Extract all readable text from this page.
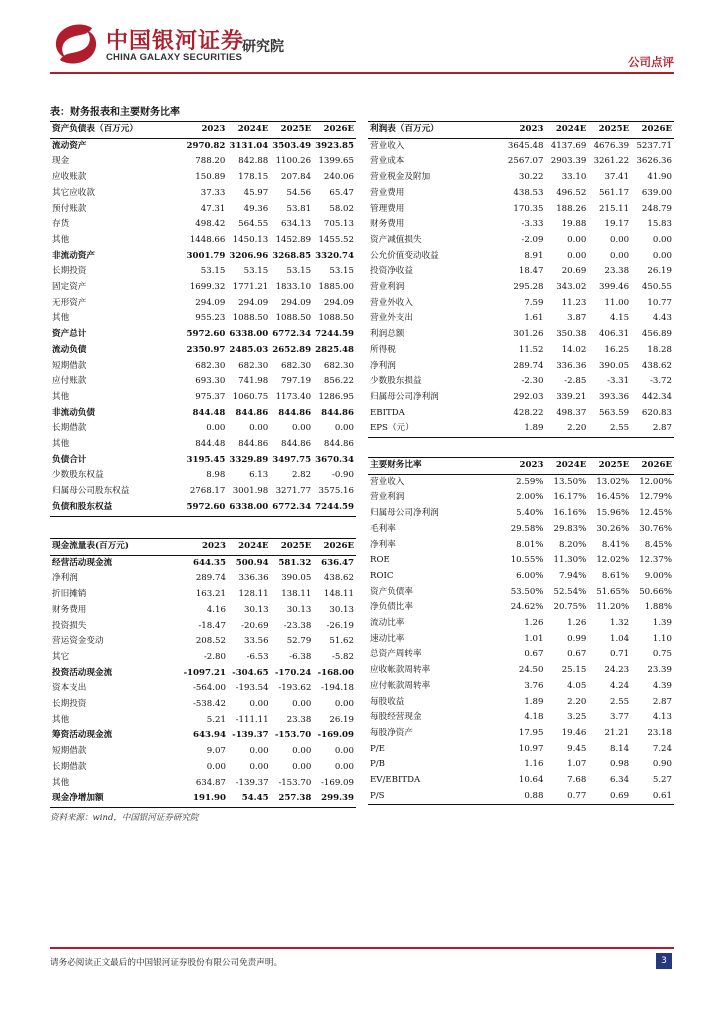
中国银河证券
CHINA GALAXY SECURITIES
研究院
公司点评
表：财务报表和主要财务比率
资产负债表（百万元）	2023	2024E	2025E	2026E
流动资产	2970.82	3131.04	3503.49	3923.85
现金	788.20	842.88	1100.26	1399.65
应收账款	150.89	178.15	207.84	240.06
其它应收款	37.33	45.97	54.56	65.47
预付账款	47.31	49.36	53.81	58.02
存货	498.42	564.55	634.13	705.13
其他	1448.66	1450.13	1452.89	1455.52
非流动资产	3001.79	3206.96	3268.85	3320.74
长期投资	53.15	53.15	53.15	53.15
固定资产	1699.32	1771.21	1833.10	1885.00
无形资产	294.09	294.09	294.09	294.09
其他	955.23	1088.50	1088.50	1088.50
资产总计	5972.60	6338.00	6772.34	7244.59
流动负债	2350.97	2485.03	2652.89	2825.48
短期借款	682.30	682.30	682.30	682.30
应付账款	693.30	741.98	797.19	856.22
其他	975.37	1060.75	1173.40	1286.95
非流动负债	844.48	844.86	844.86	844.86
长期借款	0.00	0.00	0.00	0.00
其他	844.48	844.86	844.86	844.86
负债合计	3195.45	3329.89	3497.75	3670.34
少数股东权益	8.98	6.13	2.82	-0.90
归属母公司股东权益	2768.17	3001.98	3271.77	3575.16
负债和股东权益	5972.60	6338.00	6772.34	7244.59
现金流量表(百万元)	2023	2024E	2025E	2026E
经营活动现金流	644.35	500.94	581.32	636.47
净利润	289.74	336.36	390.05	438.62
折旧摊销	163.21	128.11	138.11	148.11
财务费用	4.16	30.13	30.13	30.13
投资损失	-18.47	-20.69	-23.38	-26.19
营运资金变动	208.52	33.56	52.79	51.62
其它	-2.80	-6.53	-6.38	-5.82
投资活动现金流	-1097.21	-304.65	-170.24	-168.00
资本支出	-564.00	-193.54	-193.62	-194.18
长期投资	-538.42	0.00	0.00	0.00
其他	5.21	-111.11	23.38	26.19
筹资活动现金流	643.94	-139.37	-153.70	-169.09
短期借款	9.07	0.00	0.00	0.00
长期借款	0.00	0.00	0.00	0.00
其他	634.87	-139.37	-153.70	-169.09
现金净增加额	191.90	54.45	257.38	299.39
利润表（百万元）	2023	2024E	2025E	2026E
营业收入	3645.48	4137.69	4676.39	5237.71
营业成本	2567.07	2903.39	3261.22	3626.36
营业税金及附加	30.22	33.10	37.41	41.90
营业费用	438.53	496.52	561.17	639.00
管理费用	170.35	188.26	215.11	248.79
财务费用	-3.33	19.88	19.17	15.83
资产减值损失	-2.09	0.00	0.00	0.00
公允价值变动收益	8.91	0.00	0.00	0.00
投资净收益	18.47	20.69	23.38	26.19
营业利润	295.28	343.02	399.46	450.55
营业外收入	7.59	11.23	11.00	10.77
营业外支出	1.61	3.87	4.15	4.43
利润总额	301.26	350.38	406.31	456.89
所得税	11.52	14.02	16.25	18.28
净利润	289.74	336.36	390.05	438.62
少数股东损益	-2.30	-2.85	-3.31	-3.72
归属母公司净利润	292.03	339.21	393.36	442.34
EBITDA	428.22	498.37	563.59	620.83
EPS（元）	1.89	2.20	2.55	2.87
主要财务比率	2023	2024E	2025E	2026E
营业收入	2.59%	13.50%	13.02%	12.00%
营业利润	2.00%	16.17%	16.45%	12.79%
归属母公司净利润	5.40%	16.16%	15.96%	12.45%
毛利率	29.58%	29.83%	30.26%	30.76%
净利率	8.01%	8.20%	8.41%	8.45%
ROE	10.55%	11.30%	12.02%	12.37%
ROIC	6.00%	7.94%	8.61%	9.00%
资产负债率	53.50%	52.54%	51.65%	50.66%
净负债比率	24.62%	20.75%	11.20%	1.88%
流动比率	1.26	1.26	1.32	1.39
速动比率	1.01	0.99	1.04	1.10
总资产周转率	0.67	0.67	0.71	0.75
应收帐款周转率	24.50	25.15	24.23	23.39
应付帐款周转率	3.76	4.05	4.24	4.39
每股收益	1.89	2.20	2.55	2.87
每股经营现金	4.18	3.25	3.77	4.13
每股净资产	17.95	19.46	21.21	23.18
P/E	10.97	9.45	8.14	7.24
P/B	1.16	1.07	0.98	0.90
EV/EBITDA	10.64	7.68	6.34	5.27
P/S	0.88	0.77	0.69	0.61
资料来源：wind，中国银河证券研究院
请务必阅读正文最后的中国银河证券股份有限公司免责声明。	3
